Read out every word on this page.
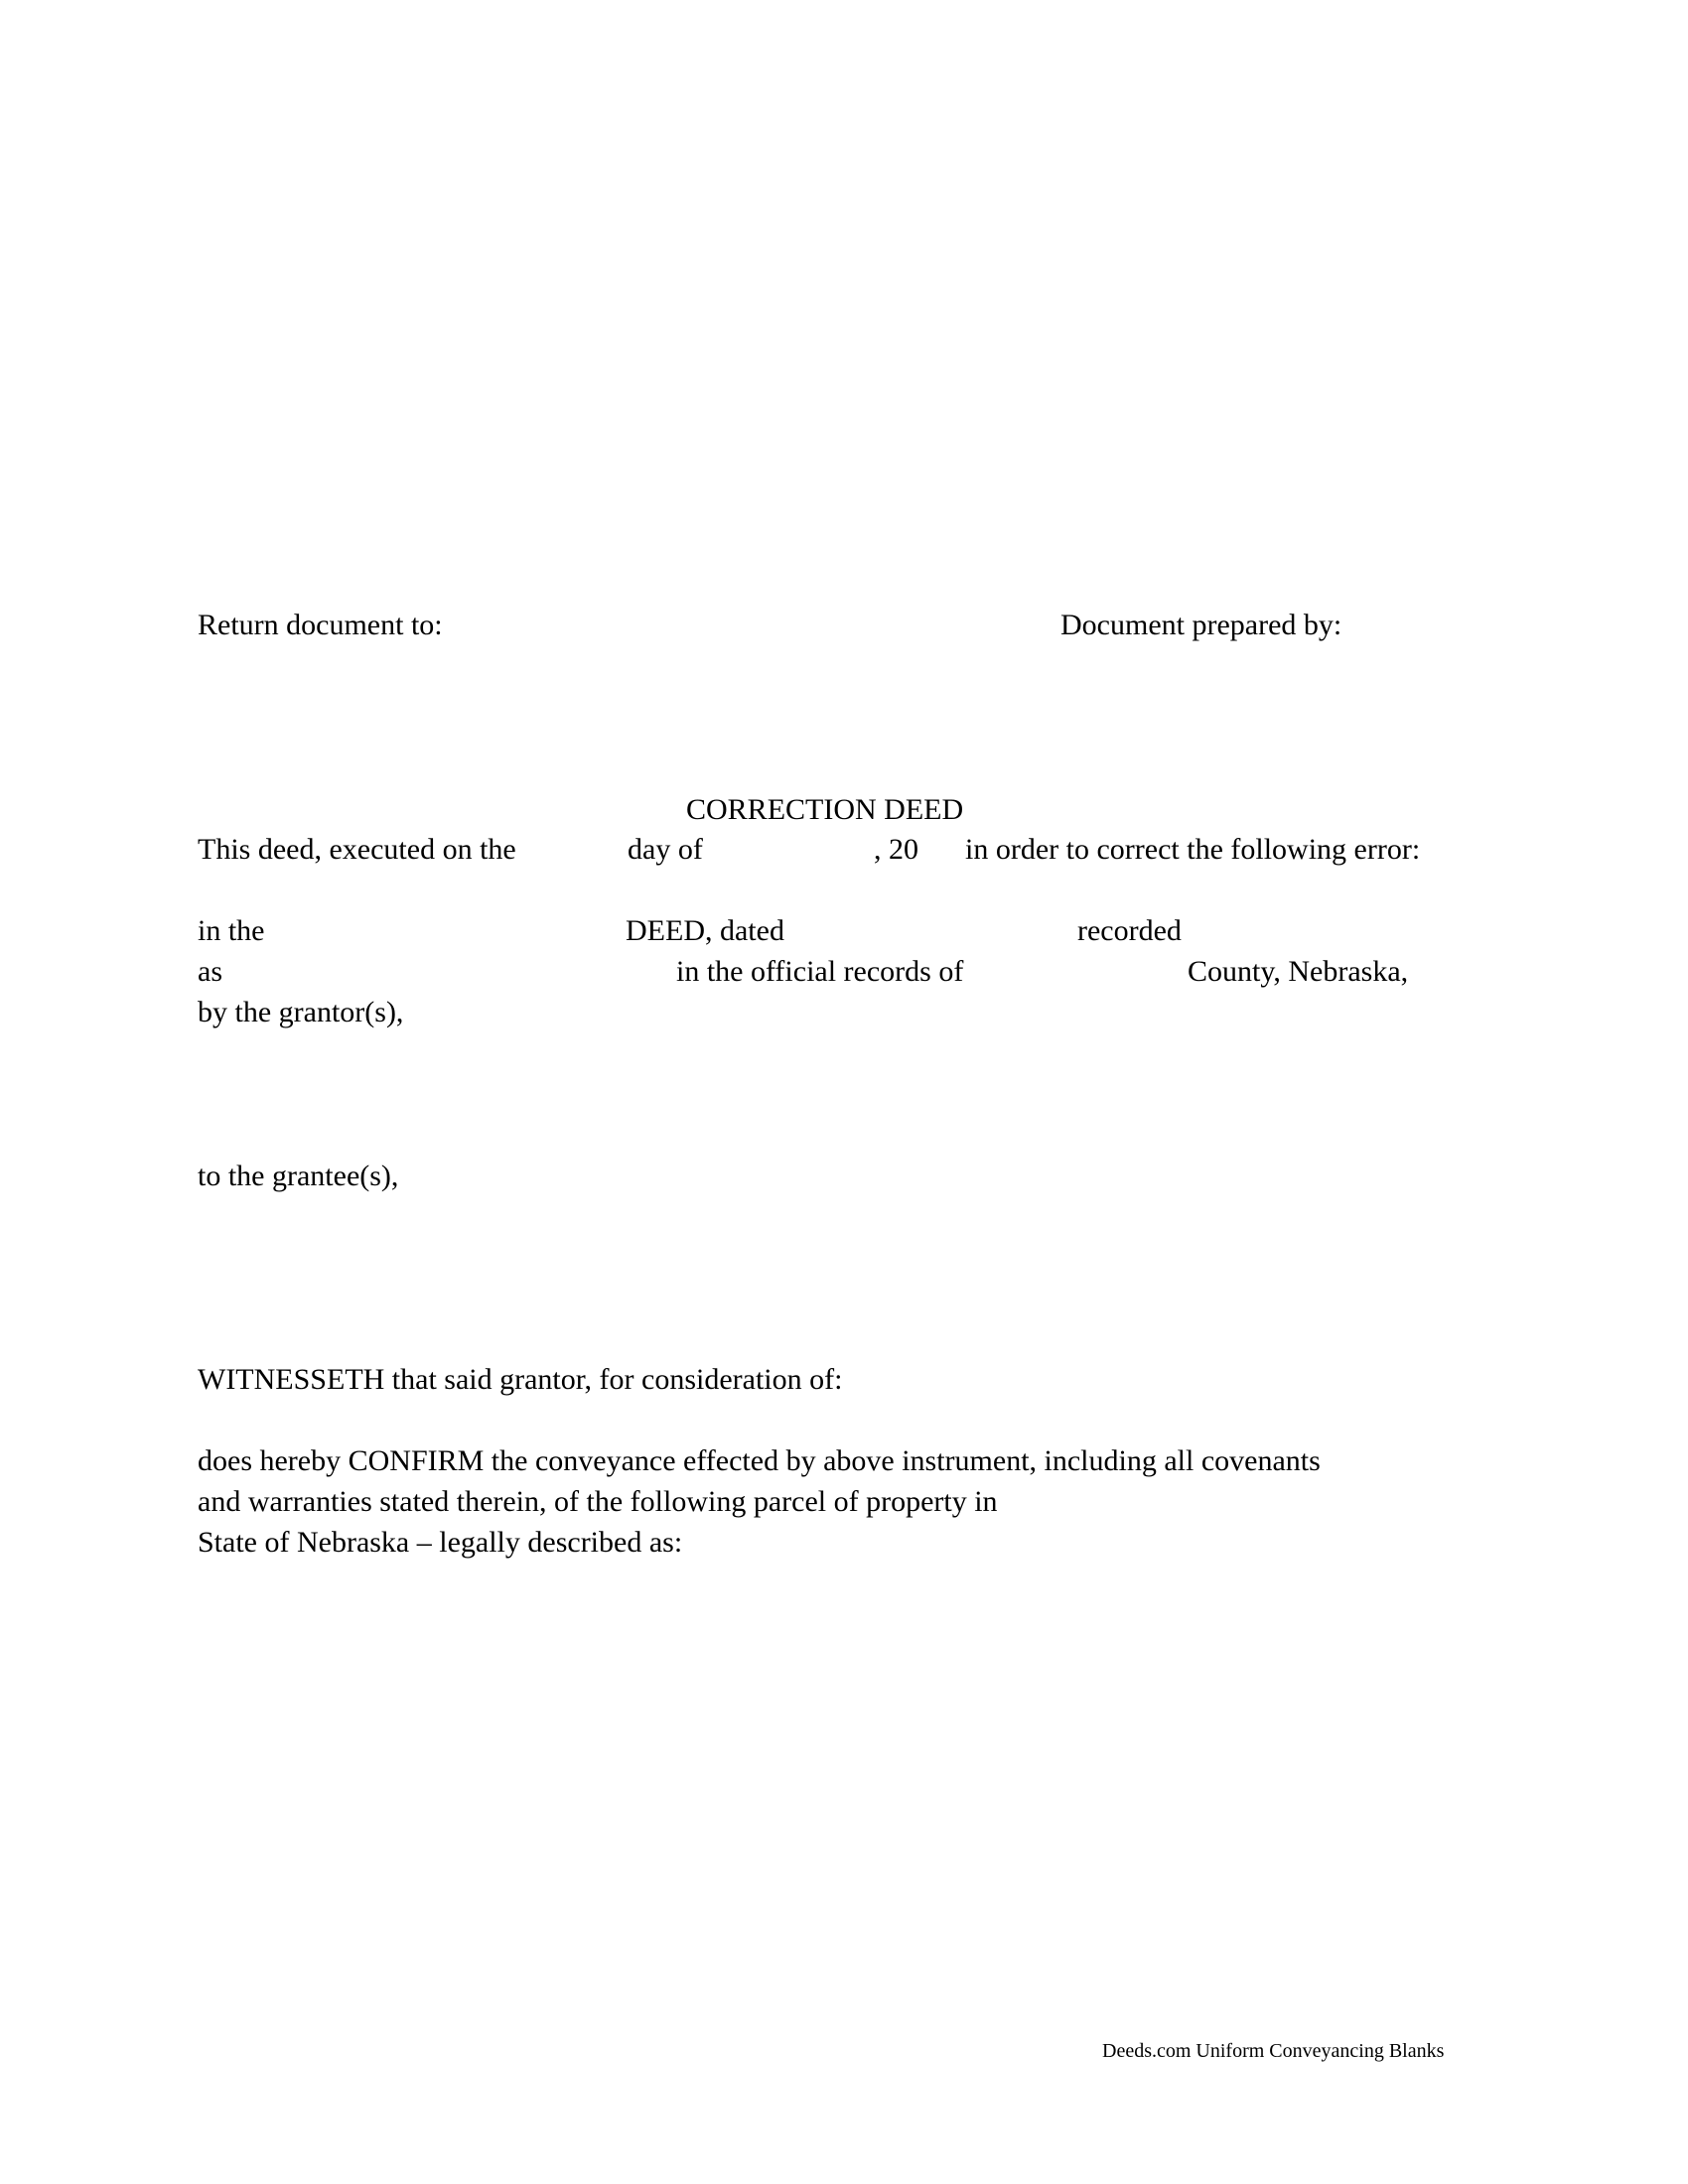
Return document to:	Document prepared by:
CORRECTION DEED
This deed, executed on the	day of	, 20 in order to correct the following error:
in the	DEED, dated	recorded
as	in the official records of	County, Nebraska,
by the grantor(s),
to the grantee(s),
WITNESSETH that said grantor, for consideration of:
does hereby CONFIRM the conveyance effected by above instrument, including all covenants
and warranties stated therein, of the following parcel of property in
State of Nebraska – legally described as:
Deeds.com Uniform Conveyancing Blanks
